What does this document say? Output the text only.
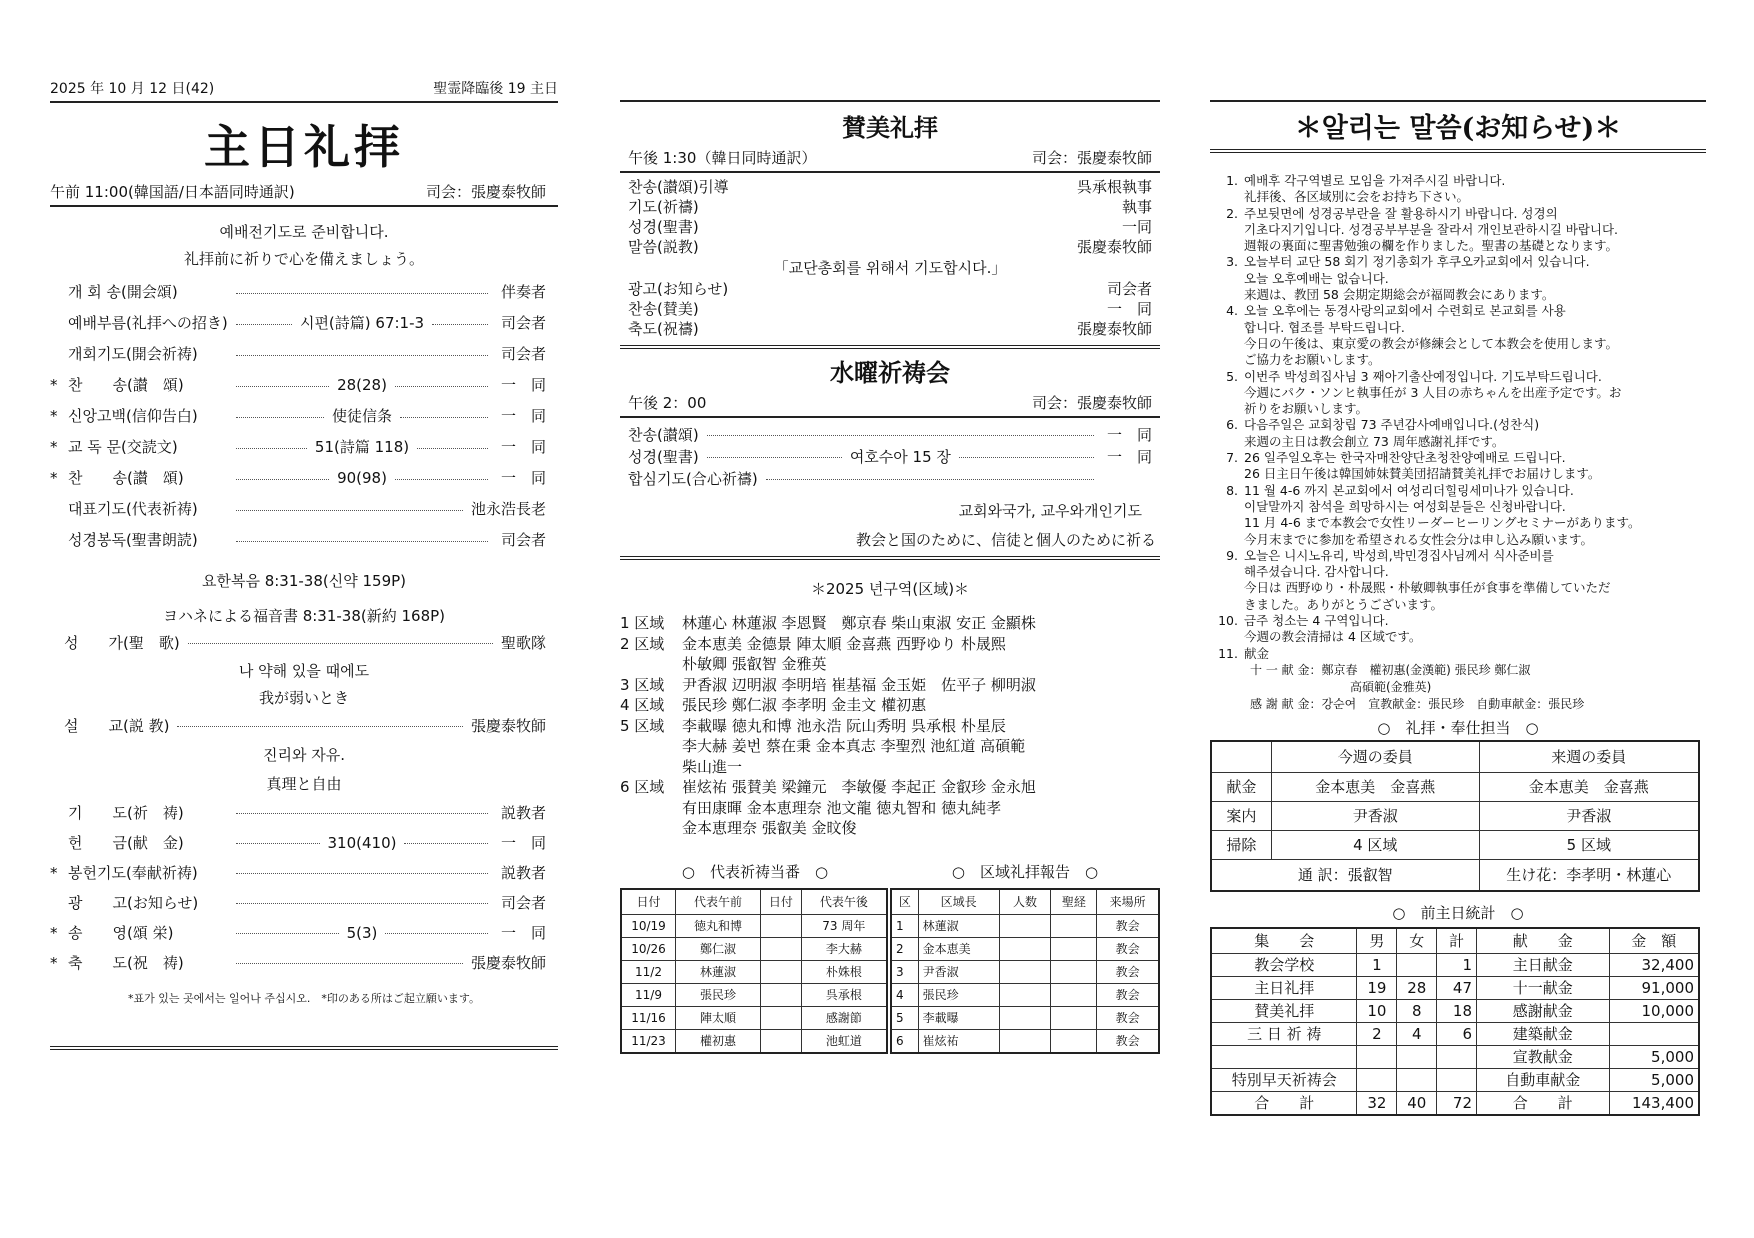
2025 年 10 月 12 日(42)	聖霊降臨後 19 主日
主日礼拝
午前 11:00(韓国語/日本語同時通訳)	司会：張慶泰牧師
예배전기도로 준비합니다.
礼拝前に祈りで心を備えましょう。
개 회 송(開会頌)	伴奏者
예배부름(礼拝への招き)	시편(詩篇) 67:1-3	司会者
개회기도(開会祈祷)	司会者
* 찬　　송(讃　頌)	28(28)	一　同
* 신앙고백(信仰告白)	使徒信条	一　同
* 교 독 문(交読文)	51(詩篇 118)	一　同
* 찬　　송(讃　頌)	90(98)	一　同
대표기도(代表祈祷)	池永浩長老
성경봉독(聖書朗読)	司会者
요한복음 8:31-38(신약 159P)
ヨハネによる福音書 8:31-38(新約 168P)
성　　가(聖　歌)	聖歌隊
나 약해 있을 때에도
我が弱いとき
설　　교(説 教)	張慶泰牧師
진리와 자유.
真理と自由
기　　도(祈　祷)	説教者
헌　　금(献　金)	310(410)	一　同
* 봉헌기도(奉献祈祷)	説教者
광　　고(お知らせ)	司会者
* 송　　영(頌 栄)	5(3)	一　同
* 축　　도(祝　祷)	張慶泰牧師
*표가 있는 곳에서는 일어나 주십시오.　*印のある所はご起立願います。
賛美礼拝
午後 1:30（韓日同時通訳）	司会：張慶泰牧師
찬송(讃頌)引導	呉承根執事
기도(祈禱)	執事
성경(聖書)	一同
말씀(説教)	張慶泰牧師
「교단총회를 위해서 기도합시다.」
광고(お知らせ)	司会者
찬송(賛美)	一　同
축도(祝禱)	張慶泰牧師
水曜祈祷会
午後 2：00	司会：張慶泰牧師
찬송(讃頌)	一　同
성경(聖書)	여호수아 15 장	一　同
합심기도(合心祈禱)
교회와국가, 교우와개인기도
教会と国のために、信徒と個人のために祈る
＊2025 년구역(区域)＊
1 区域	林蓮心 林蓮淑 李恩賢　鄭京春 柴山東淑 安正 金顯株
2 区域	金本恵美 金德景 陣太順 金喜燕 西野ゆり 朴晟熙
朴敏卿 張叡智 金雅英
3 区域	尹香淑 辺明淑 李明培 崔基福 金玉姫　佐平子 柳明淑
4 区域	張民珍 鄭仁淑 李孝明 金圭文 權初惠
5 区域	李載曝 徳丸和博 池永浩 阮山秀明 呉承根 朴星辰
李大赫 姜번 蔡在秉 金本真志 李聖烈 池紅道 高碩範
柴山進一
6 区域	崔炫祐 張賛美 梁鐘元　李敏優 李起正 金叡珍 金永旭
有田康暉 金本恵理奈 池文龍 徳丸智和 徳丸純孝
金本恵理奈 張叡美 金旼俊
○　代表祈祷当番　○	○　区域礼拝報告　○
日付	代表午前	日付	代表午後
10/19	徳丸和博		73 周年
10/26	鄭仁淑		李大赫
11/2	林蓮淑		朴姝根
11/9	張民珍		呉承根
11/16	陣太順		感謝節
11/23	權初惠		池虹道
区	区域長	人数	聖経	来場所
1	林蓮淑			教会
2	金本恵美			教会
3	尹香淑			教会
4	張民珍			教会
5	李載曝			教会
6	崔炫祐			教会
＊알리는 말씀(お知らせ)＊
1. 예배후 각구역별로 모임을 가져주시길 바랍니다.
礼拝後、各区域別に会をお持ち下さい。
2. 주보뒷면에 성경공부란을 잘 활용하시기 바랍니다. 성경의
기초다지기입니다. 성경공부부분을 잘라서 개인보관하시길 바랍니다.
週報の裏面に聖書勉強の欄を作りました。聖書の基礎となります。
3. 오늘부터 교단 58 회기 정기총회가 후쿠오카교회에서 있습니다.
오늘 오후예배는 없습니다.
来週は、教団 58 会期定期総会が福岡教会にあります。
4. 오늘 오후에는 동경사랑의교회에서 수련회로 본교회를 사용
합니다. 협조를 부탁드립니다.
今日の午後は、東京愛の教会が修練会として本教会を使用します。
ご協力をお願いします。
5. 이번주 박성희집사님 3 째아기출산예정입니다. 기도부탁드립니다.
今週にパク・ソンヒ執事任が 3 人目の赤ちゃんを出産予定です。お
祈りをお願いします。
6. 다음주일은 교회창립 73 주년감사예배입니다.(성찬식)
来週の主日は教会創立 73 周年感謝礼拝です。
7. 26 일주일오후는 한국자매찬양단초청찬양예배로 드립니다.
26 日主日午後は韓国姉妹賛美団招請賛美礼拝でお届けします。
8. 11 월 4-6 까지 본교회에서 여성리더힐링세미나가 있습니다.
이달말까지 참석을 희망하시는 여성회분들은 신청바랍니다.
11 月 4-6 まで本教会で女性リーダーヒーリングセミナーがあります。
今月末までに参加を希望される女性会分は申し込み願います。
9. 오늘은 니시노유리, 박성희,박민경집사님께서 식사준비를
해주셨습니다. 감사합니다.
今日は 西野ゆり・朴晟熙・朴敏卿執事任が食事を準備していただ
きました。ありがとうございます。
10. 금주 청소는 4 구역입니다.
今週の教会清掃は 4 区域です。
11. 献金
十 一 献 金：鄭京春　權初惠(金漢範) 張民珍 鄭仁淑
高碩範(金雅英)
感 謝 献 金：강순여　宣教献金：張民珍　自動車献金：張民珍
○　礼拝・奉仕担当　○
	今週の委員	来週の委員
献金	金本恵美　金喜燕	金本恵美　金喜燕
案内	尹香淑	尹香淑
掃除	4 区域	5 区域
通 訳：張叡智		生け花：李孝明・林蓮心
○　前主日統計　○
集　　会	男	女	計	献　　金	金　額
教会学校	1		1	主日献金	32,400
主日礼拝	19	28	47	十一献金	91,000
賛美礼拝	10	8	18	感謝献金	10,000
三 日 祈 祷	2	4	6	建築献金	
				宣教献金	5,000
特別早天祈祷会				自動車献金	5,000
合　　計	32	40	72	合　　計	143,400
